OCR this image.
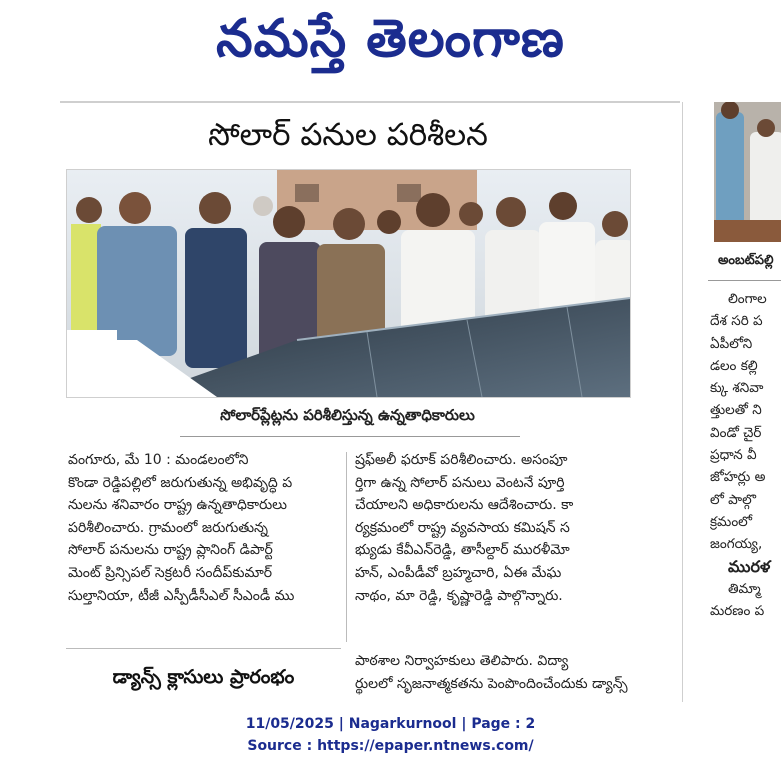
నమస్తే తెలంగాణ
సోలార్ పనుల పరిశీలన
సోలార్‌ప్లేట్లను పరిశీలిస్తున్న ఉన్నతాధికారులు

వంగూరు, మే 10 : మండలంలోని

కొండా రెడ్డిపల్లిలో జరుగుతున్న అభివృద్ధి ప

నులను శనివారం రాష్ట్ర ఉన్నతాధికారులు

పరిశీలించారు. గ్రామంలో జరుగుతున్న

సోలార్ పనులను రాష్ట్ర ప్లానింగ్ డిపార్ట్

మెంట్ ప్రిన్సిపల్ సెక్రటరీ సందీప్‌కుమార్

సుల్తానియా, టీజీ ఎస్పీడీసీఎల్ సీఎండీ ము

ష్రఫ్‌అలీ ఫరూక్ పరిశీలించారు. అసంపూ

ర్తిగా ఉన్న సోలార్ పనులు వెంటనే పూర్తి

చేయాలని అధికారులను ఆదేశించారు. కా

ర్యక్రమంలో రాష్ట్ర వ్యవసాయ కమిషన్ స

భ్యుడు కేవీఎన్‌రెడ్డి, తాసీల్దార్ మురళీమో

హన్, ఎంపీడీవో బ్రహ్మచారి, ఏఈ మేఘ

నాథం, మా రెడ్డి, కృష్ణారెడ్డి పాల్గొన్నారు.

డ్యాన్స్ క్లాసులు ప్రారంభం

పాఠశాల నిర్వాహకులు తెలిపారు. విద్యా

ర్థులలో సృజనాత్మకతను పెంపొందించేందుకు డ్యాన్స్

అంబట్‌పల్లి

లింగాల

దేశ సరి ప

ఏపీలోని

డలం కల్లి

క్కు శనివా

త్తులతో ని

విండో చైర్

ప్రధాన వీ

జోహర్లు అ

లో పాల్గొ

క్రమంలో

జంగయ్య,

మురళ

తిమ్మా

మరణం ప

11/05/2025 | Nagarkurnool | Page : 2
Source : https://epaper.ntnews.com/
